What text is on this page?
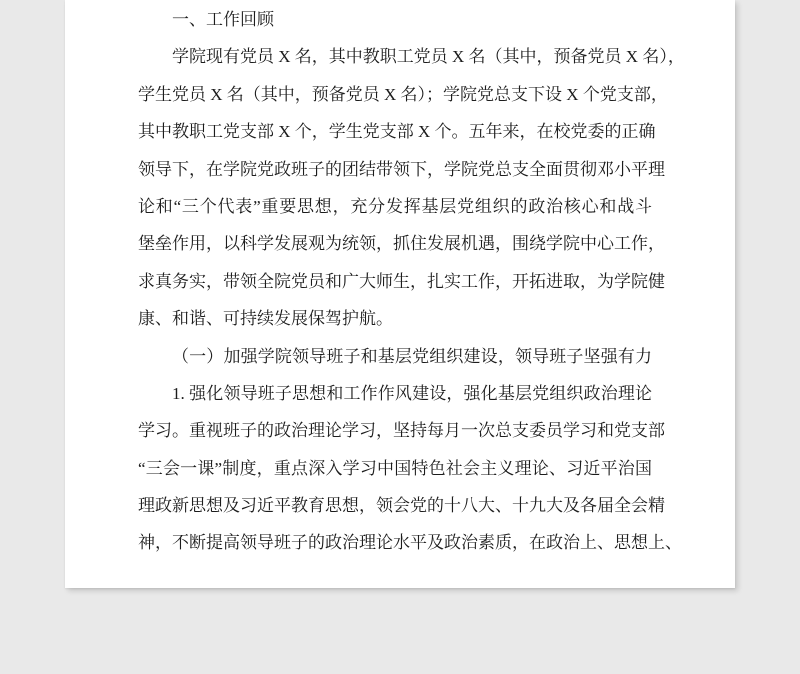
一、工作回顾
学院现有党员 X 名，其中教职工党员 X 名（其中，预备党员 X 名），
学生党员 X 名（其中，预备党员 X 名）；学院党总支下设 X 个党支部，
其中教职工党支部 X 个，学生党支部 X 个。五年来，在校党委的正确
领导下，在学院党政班子的团结带领下，学院党总支全面贯彻邓小平理
论和“三个代表”重要思想，充分发挥基层党组织的政治核心和战斗
堡垒作用，以科学发展观为统领，抓住发展机遇，围绕学院中心工作，
求真务实，带领全院党员和广大师生，扎实工作，开拓进取，为学院健
康、和谐、可持续发展保驾护航。
（一）加强学院领导班子和基层党组织建设，领导班子坚强有力
1. 强化领导班子思想和工作作风建设，强化基层党组织政治理论
学习。重视班子的政治理论学习，坚持每月一次总支委员学习和党支部
“三会一课”制度，重点深入学习中国特色社会主义理论、习近平治国
理政新思想及习近平教育思想，领会党的十八大、十九大及各届全会精
神，不断提高领导班子的政治理论水平及政治素质，在政治上、思想上、
